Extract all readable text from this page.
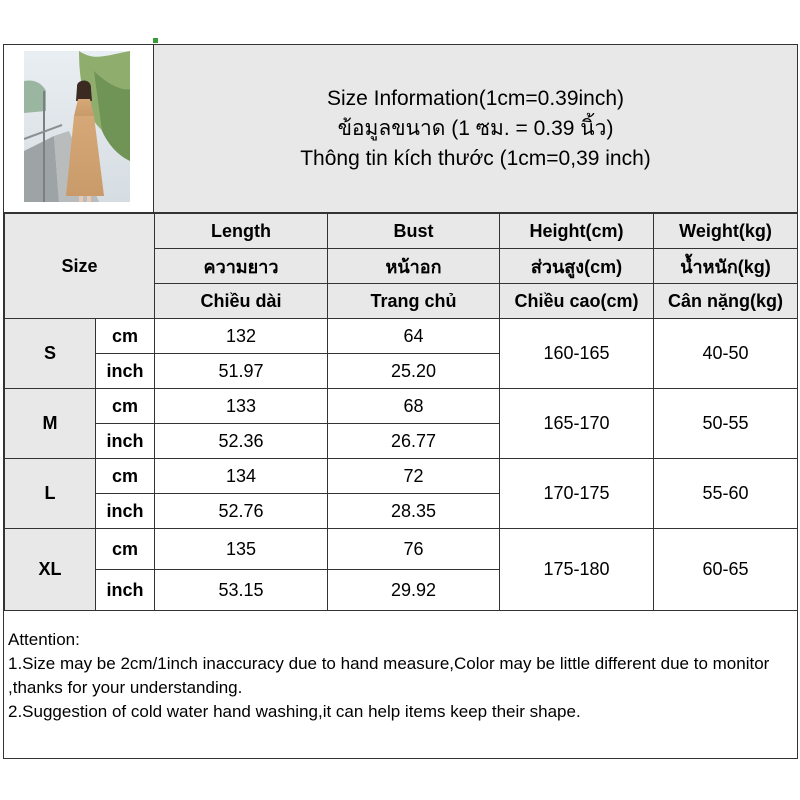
Size Information(1cm=0.39inch)
ข้อมูลขนาด (1 ซม. = 0.39 นิ้ว)
Thông tin kích thước (1cm=0,39 inch)
Size		Length	Bust	Height(cm)	Weight(kg)
		ความยาว	หน้าอก	ส่วนสูง(cm)	น้ำหนัก(kg)
		Chiều dài	Trang chủ	Chiều cao(cm)	Cân nặng(kg)
S	cm	132	64	160-165	40-50
	inch	51.97	25.20		
M	cm	133	68	165-170	50-55
	inch	52.36	26.77		
L	cm	134	72	170-175	55-60
	inch	52.76	28.35		
XL	cm	135	76	175-180	60-65
	inch	53.15	29.92		
Attention:
1.Size may be 2cm/1inch inaccuracy due to hand measure,Color may be little different due to monitor ,thanks for your understanding.
2.Suggestion of cold water hand washing,it can help items keep their shape.
